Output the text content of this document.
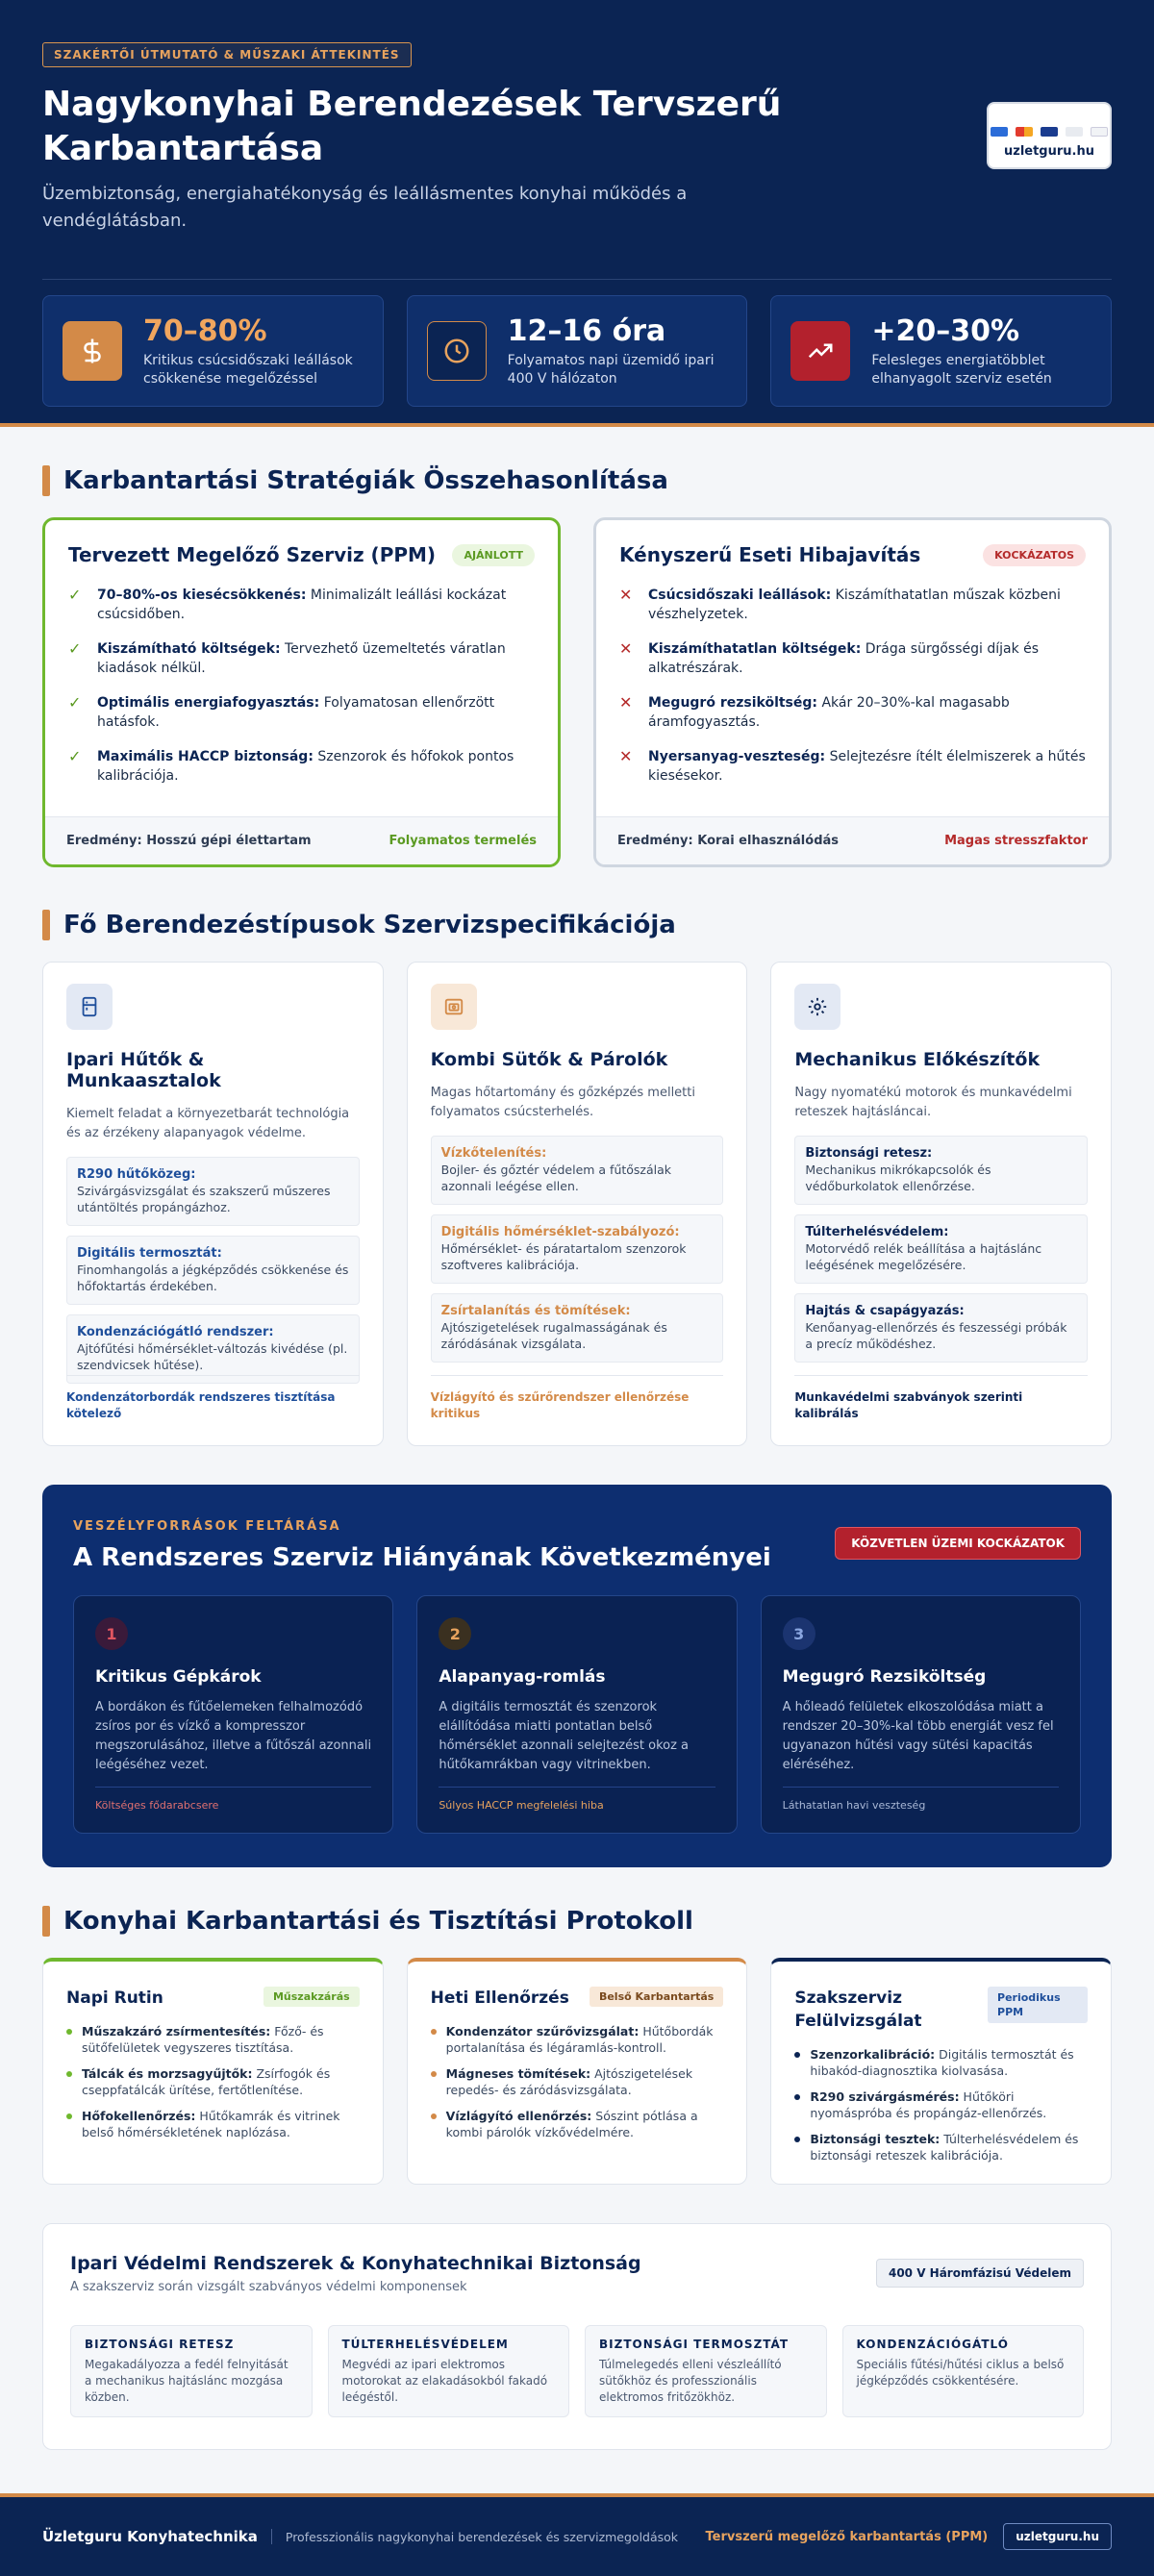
SZAKÉRTŐI ÚTMUTATÓ & MŰSZAKI ÁTTEKINTÉS
Nagykonyhai Berendezések Tervszerű Karbantartása
Üzembiztonság, energiahatékonyság és leállásmentes konyhai működés a vendéglátásban.
uzletguru.hu
70–80%
Kritikus csúcsidőszaki leállások csökkenése megelőzéssel
12–16 óra
Folyamatos napi üzemidő ipari 400 V hálózaton
+20–30%
Felesleges energiatöbblet elhanyagolt szerviz esetén
Karbantartási Stratégiák Összehasonlítása
Tervezett Megelőző Szerviz (PPM)	AJÁNLOTT
✓	70–80%-os kiesécsökkenés: Minimalizált leállási kockázat csúcsidőben.
✓	Kiszámítható költségek: Tervezhető üzemeltetés váratlan kiadások nélkül.
✓	Optimális energiafogyasztás: Folyamatosan ellenőrzött hatásfok.
✓	Maximális HACCP biztonság: Szenzorok és hőfokok pontos kalibrációja.
Eredmény: Hosszú gépi élettartam	Folyamatos termelés
Kényszerű Eseti Hibajavítás	KOCKÁZATOS
✕	Csúcsidőszaki leállások: Kiszámíthatatlan műszak közbeni vészhelyzetek.
✕	Kiszámíthatatlan költségek: Drága sürgősségi díjak és alkatrészárak.
✕	Megugró rezsiköltség: Akár 20–30%-kal magasabb áramfogyasztás.
✕	Nyersanyag-veszteség: Selejtezésre ítélt élelmiszerek a hűtés kiesésekor.
Eredmény: Korai elhasználódás	Magas stresszfaktor
Fő Berendezéstípusok Szervizspecifikációja
Ipari Hűtők & Munkaasztalok
Kiemelt feladat a környezetbarát technológia és az érzékeny alapanyagok védelme.
R290 hűtőközeg:
Szivárgásvizsgálat és szakszerű műszeres utántöltés propángázhoz.
Digitális termosztát:
Finomhangolás a jégképződés csökkenése és hőfoktartás érdekében.
Kondenzációgátló rendszer:
Ajtófűtési hőmérséklet-változás kivédése (pl. szendvicsek hűtése).
Kondenzátorbordák rendszeres tisztítása kötelező
Kombi Sütők & Párolók
Magas hőtartomány és gőzképzés melletti folyamatos csúcsterhelés.
Vízkőtelenítés:
Bojler- és gőztér védelem a fűtőszálak azonnali leégése ellen.
Digitális hőmérséklet-szabályozó:
Hőmérséklet- és páratartalom szenzorok szoftveres kalibrációja.
Zsírtalanítás és tömítések:
Ajtószigetelések rugalmasságának és záródásának vizsgálata.
Vízlágyító és szűrőrendszer ellenőrzése kritikus
Mechanikus Előkészítők
Nagy nyomatékú motorok és munkavédelmi reteszek hajtásláncai.
Biztonsági retesz:
Mechanikus mikrókapcsolók és védőburkolatok ellenőrzése.
Túlterhelésvédelem:
Motorvédő relék beállítása a hajtáslánc leégésének megelőzésére.
Hajtás & csapágyazás:
Kenőanyag-ellenőrzés és feszességi próbák a precíz működéshez.
Munkavédelmi szabványok szerinti kalibrálás
VESZÉLYFORRÁSOK FELTÁRÁSA
A Rendszeres Szerviz Hiányának Következményei	KÖZVETLEN ÜZEMI KOCKÁZATOK
1
Kritikus Gépkárok
A bordákon és fűtőelemeken felhalmozódó zsíros por és vízkő a kompresszor megszorulásához, illetve a fűtőszál azonnali leégéséhez vezet.
Költséges fődarabcsere
2
Alapanyag-romlás
A digitális termosztát és szenzorok elállítódása miatti pontatlan belső hőmérséklet azonnali selejtezést okoz a hűtőkamrákban vagy vitrinekben.
Súlyos HACCP megfelelési hiba
3
Megugró Rezsiköltség
A hőleadó felületek elkoszolódása miatt a rendszer 20–30%-kal több energiát vesz fel ugyanazon hűtési vagy sütési kapacitás eléréséhez.
Láthatatlan havi veszteség
Konyhai Karbantartási és Tisztítási Protokoll
Napi Rutin	Műszakzárás
Műszakzáró zsírmentesítés: Főző- és sütőfelületek vegyszeres tisztítása.
Tálcák és morzsagyűjtők: Zsírfogók és cseppfatálcák ürítése, fertőtlenítése.
Hőfokellenőrzés: Hűtőkamrák és vitrinek belső hőmérsékletének naplózása.
Heti Ellenőrzés	Belső Karbantartás
Kondenzátor szűrővizsgálat: Hűtőbordák portalanítása és légáramlás-kontroll.
Mágneses tömítések: Ajtószigetelések repedés- és záródásvizsgálata.
Vízlágyító ellenőrzés: Sószint pótlása a kombi párolók vízkővédelmére.
Szakszerviz Felülvizsgálat
Periodikus PPM
Szenzorkalibráció: Digitális termosztát és hibakód-diagnosztika kiolvasása.
R290 szivárgásmérés: Hűtőköri nyomáspróba és propángáz-ellenőrzés.
Biztonsági tesztek: Túlterhelésvédelem és biztonsági reteszek kalibrációja.
Ipari Védelmi Rendszerek & Konyhatechnikai Biztonság
A szakszerviz során vizsgált szabványos védelmi komponensek
400 V Háromfázisú Védelem
BIZTONSÁGI RETESZ
Megakadályozza a fedél felnyitását a mechanikus hajtáslánc mozgása közben.
TÚLTERHELÉSVÉDELEM
Megvédi az ipari elektromos motorokat az elakadásokból fakadó leégéstől.
BIZTONSÁGI TERMOSZTÁT
Túlmelegedés elleni vészleállító sütőkhöz és professzionális elektromos fritőzökhöz.
KONDENZÁCIÓGÁTLÓ
Speciális fűtési/hűtési ciklus a belső jégképződés csökkentésére.
Üzletguru Konyhatechnika Professzionális nagykonyhai berendezések és szervizmegoldások Tervszerű megelőző karbantartás (PPM)	uzletguru.hu
